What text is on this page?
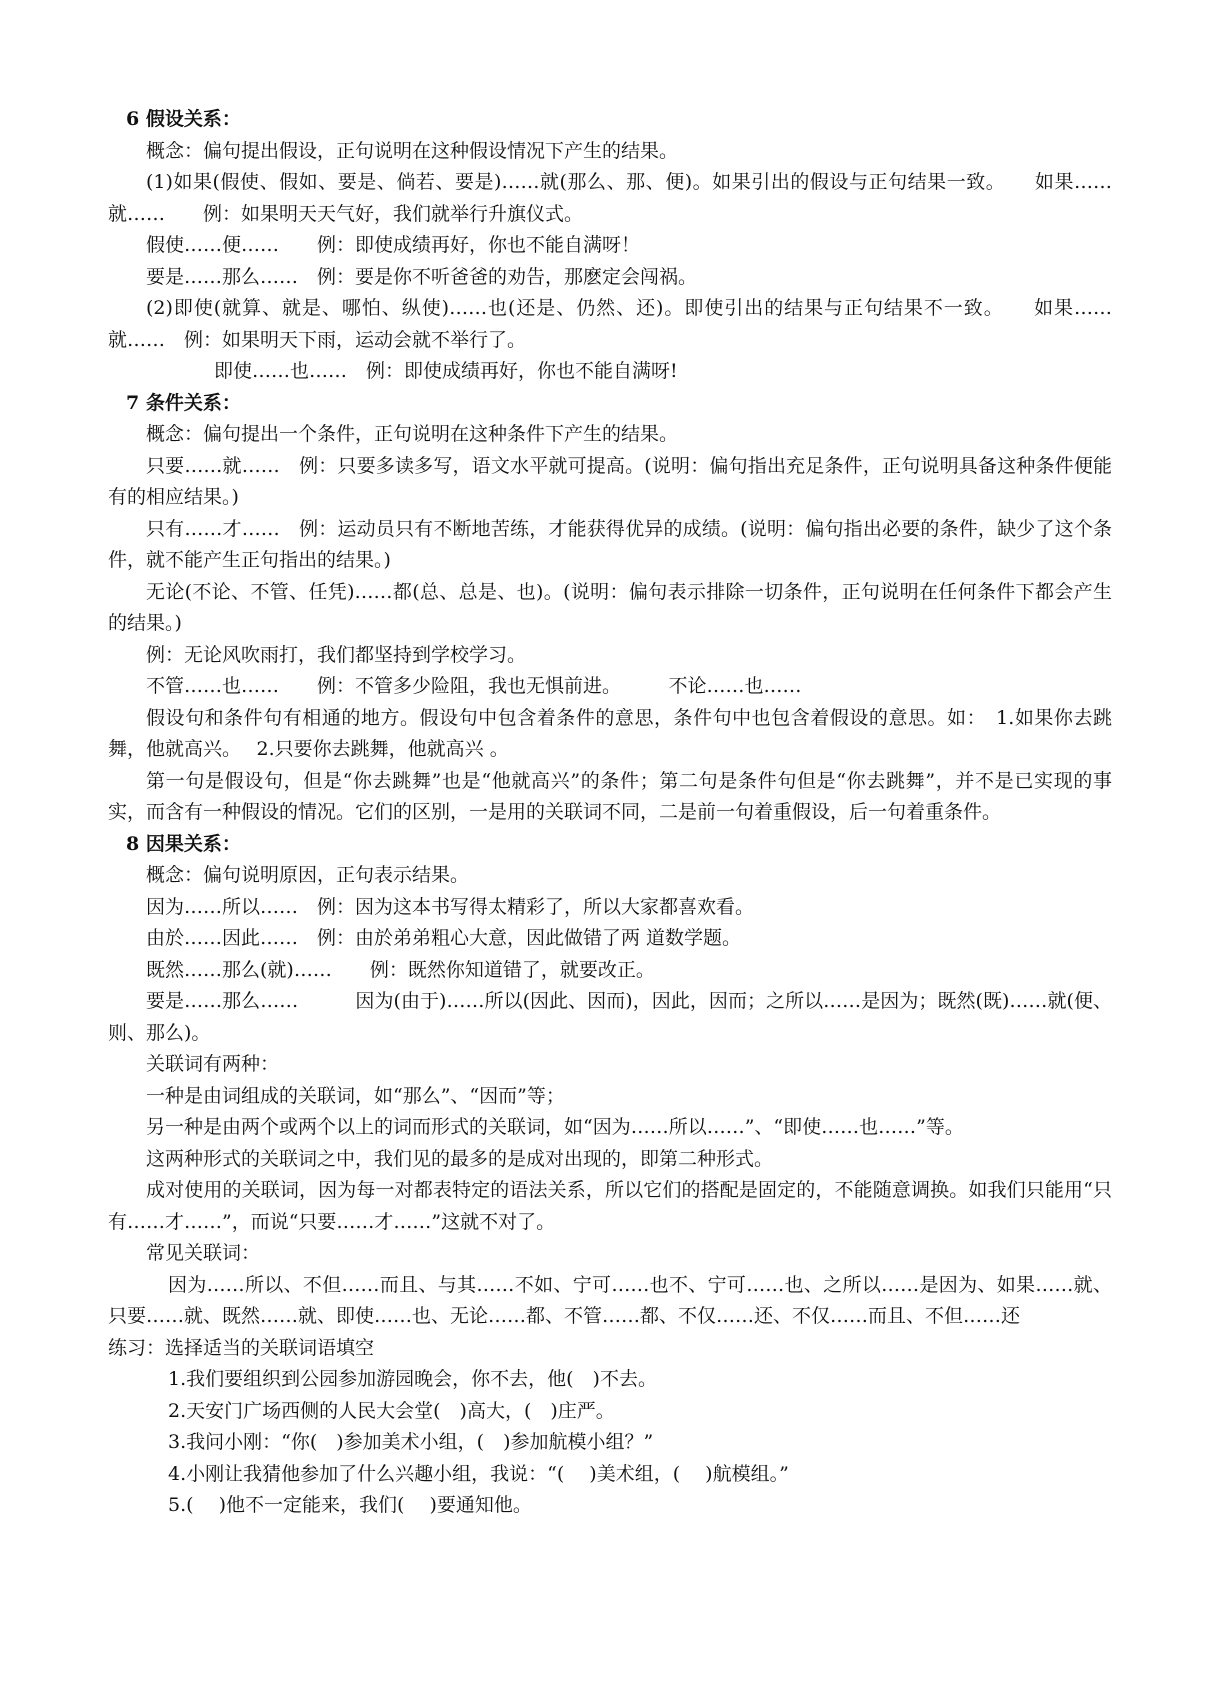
6 假设关系：

概念：偏句提出假设，正句说明在这种假设情况下产生的结果。

(1)如果(假使、假如、要是、倘若、要是)……就(那么、那、便)。如果引出的假设与正句结果一致。　　如果……就……　　例：如果明天天气好，我们就举行升旗仪式。

假使……便……　　例：即使成绩再好，你也不能自满呀！

要是……那么……　例：要是你不听爸爸的劝告，那麽定会闯祸。

(2)即使(就算、就是、哪怕、纵使)……也(还是、仍然、还)。即使引出的结果与正句结果不一致。　　如果……就……　例：如果明天下雨，运动会就不举行了。

即使……也……　例：即使成绩再好，你也不能自满呀!

7 条件关系：

概念：偏句提出一个条件，正句说明在这种条件下产生的结果。

只要……就……　例：只要多读多写，语文水平就可提高。(说明：偏句指出充足条件，正句说明具备这种条件便能有的相应结果。)

只有……才……　例：运动员只有不断地苦练，才能获得优异的成绩。(说明：偏句指出必要的条件，缺少了这个条件，就不能产生正句指出的结果。)

无论(不论、不管、任凭)……都(总、总是、也)。(说明：偏句表示排除一切条件，正句说明在任何条件下都会产生的结果。)

例：无论风吹雨打，我们都坚持到学校学习。

不管……也……　　例：不管多少险阻，我也无惧前进。　　　不论……也……

假设句和条件句有相通的地方。假设句中包含着条件的意思，条件句中也包含着假设的意思。如：　1.如果你去跳舞，他就高兴。　 2.只要你去跳舞，他就高兴 。

第一句是假设句，但是“你去跳舞”也是“他就高兴”的条件；第二句是条件句但是“你去跳舞”，并不是已实现的事实，而含有一种假设的情况。它们的区别，一是用的关联词不同，二是前一句着重假设，后一句着重条件。

8 因果关系：

概念：偏句说明原因，正句表示结果。

因为……所以……　例：因为这本书写得太精彩了，所以大家都喜欢看。

由於……因此……　例：由於弟弟粗心大意，因此做错了两 道数学题。

既然……那么(就)……　　例：既然你知道错了，就要改正。

要是……那么……　　　因为(由于)……所以(因此、因而)，因此，因而；之所以……是因为；既然(既)……就(便、则、那么)。

关联词有两种：

一种是由词组成的关联词，如“那么”、“因而”等；

另一种是由两个或两个以上的词而形式的关联词，如“因为……所以……”、“即使……也……”等。

这两种形式的关联词之中，我们见的最多的是成对出现的，即第二种形式。

成对使用的关联词，因为每一对都表特定的语法关系，所以它们的搭配是固定的，不能随意调换。如我们只能用“只有……才……”，而说“只要……才……”这就不对了。

常见关联词：

因为……所以、不但……而且、与其……不如、宁可……也不、宁可……也、之所以……是因为、如果……就、只要……就、既然……就、即使……也、无论……都、不管……都、不仅……还、不仅……而且、不但……还

练习：选择适当的关联词语填空

1.我们要组织到公园参加游园晚会，你不去，他(　)不去。

2.天安门广场西侧的人民大会堂(　)高大，(　)庄严。

3.我问小刚：“你(　)参加美术小组，(　)参加航模小组？”

4.小刚让我猜他参加了什么兴趣小组，我说：“(　 )美术组，(　 )航模组。”

5.(　 )他不一定能来，我们(　 )要通知他。
